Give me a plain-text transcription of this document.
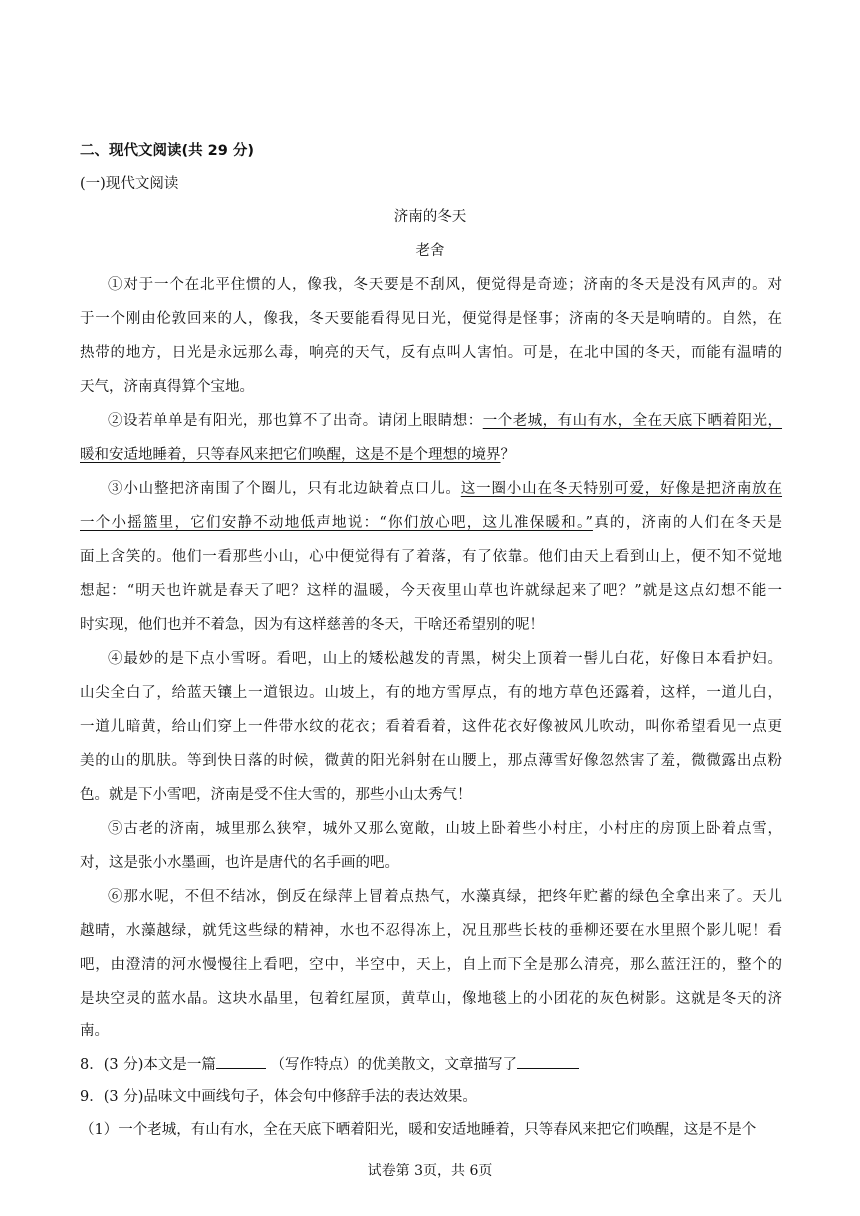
二、现代文阅读(共 29 分)
(一)现代文阅读
济南的冬天
老舍
①对于一个在北平住惯的人，像我，冬天要是不刮风，便觉得是奇迹；济南的冬天是没有风声的。对
于一个刚由伦敦回来的人，像我，冬天要能看得见日光，便觉得是怪事；济南的冬天是响晴的。自然，在
热带的地方，日光是永远那么毒，响亮的天气，反有点叫人害怕。可是，在北中国的冬天，而能有温晴的
天气，济南真得算个宝地。
②设若单单是有阳光，那也算不了出奇。请闭上眼睛想：一个老城，有山有水，全在天底下晒着阳光，
暖和安适地睡着，只等春风来把它们唤醒，这是不是个理想的境界？
③小山整把济南围了个圈儿，只有北边缺着点口儿。这一圈小山在冬天特别可爱，好像是把济南放在
一个小摇篮里，它们安静不动地低声地说：“你们放心吧，这儿准保暖和。”真的，济南的人们在冬天是
面上含笑的。他们一看那些小山，心中便觉得有了着落，有了依靠。他们由天上看到山上，便不知不觉地
想起：“明天也许就是春天了吧？这样的温暖，今天夜里山草也许就绿起来了吧？”就是这点幻想不能一
时实现，他们也并不着急，因为有这样慈善的冬天，干啥还希望别的呢！
④最妙的是下点小雪呀。看吧，山上的矮松越发的青黑，树尖上顶着一髻儿白花，好像日本看护妇。
山尖全白了，给蓝天镶上一道银边。山坡上，有的地方雪厚点，有的地方草色还露着，这样，一道儿白，
一道儿暗黄，给山们穿上一件带水纹的花衣；看着看着，这件花衣好像被风儿吹动，叫你希望看见一点更
美的山的肌肤。等到快日落的时候，微黄的阳光斜射在山腰上，那点薄雪好像忽然害了羞，微微露出点粉
色。就是下小雪吧，济南是受不住大雪的，那些小山太秀气！
⑤古老的济南，城里那么狭窄，城外又那么宽敞，山坡上卧着些小村庄，小村庄的房顶上卧着点雪，
对，这是张小水墨画，也许是唐代的名手画的吧。
⑥那水呢，不但不结冰，倒反在绿萍上冒着点热气，水藻真绿，把终年贮蓄的绿色全拿出来了。天儿
越晴，水藻越绿，就凭这些绿的精神，水也不忍得冻上，况且那些长枝的垂柳还要在水里照个影儿呢！看
吧，由澄清的河水慢慢往上看吧，空中，半空中，天上，自上而下全是那么清亮，那么蓝汪汪的，整个的
是块空灵的蓝水晶。这块水晶里，包着红屋顶，黄草山，像地毯上的小团花的灰色树影。这就是冬天的济
南。
8．(3 分)本文是一篇	（写作特点）的优美散文，文章描写了
9．(3 分)品味文中画线句子，体会句中修辞手法的表达效果。
（1）一个老城，有山有水，全在天底下晒着阳光，暖和安适地睡着，只等春风来把它们唤醒，这是不是个
试卷第 3页，共 6页
